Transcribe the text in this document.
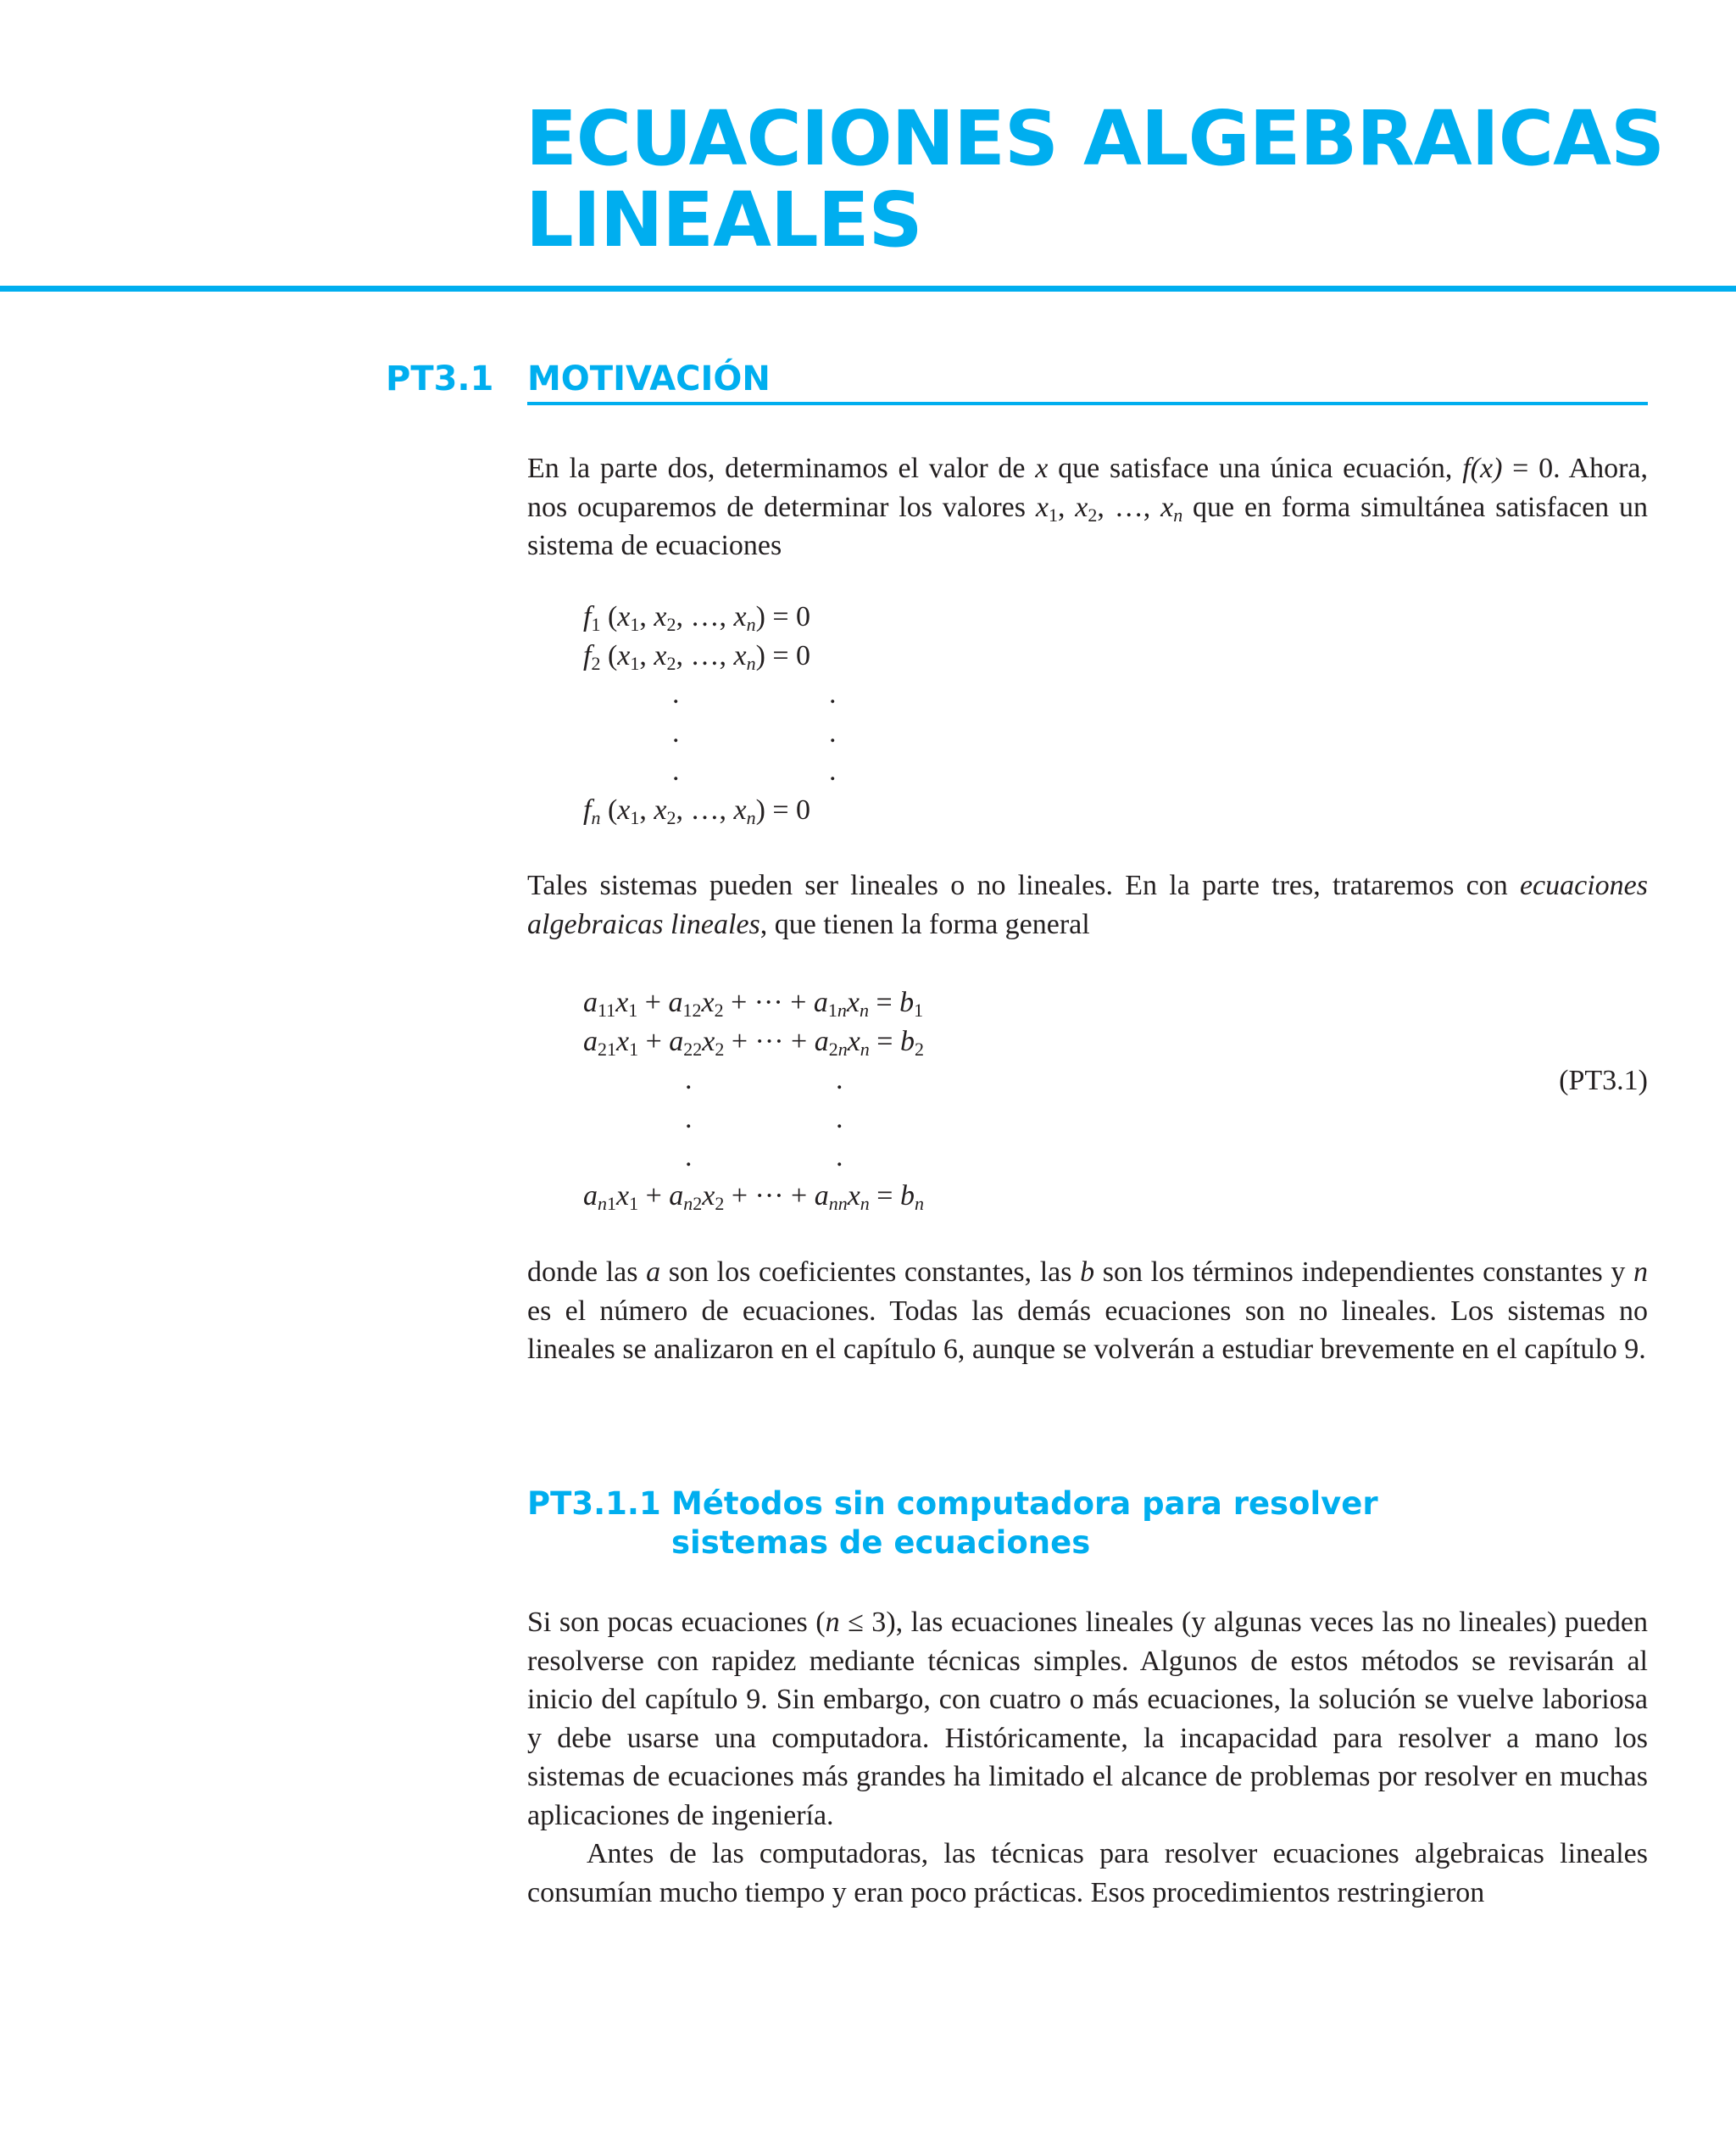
ECUACIONES ALGEBRAICAS
LINEALES
PT3.1 MOTIVACIÓN

En la parte dos, determinamos el valor de x que satisface una única ecuación, f(x) = 0. Ahora, nos ocuparemos de determinar los valores $x_1$, $x_2$, …, $x_n$ que en forma simultánea satisfacen un sistema de ecuaciones

$f_1$ ($x_1$, $x_2$, …, $x_n) = 0$
$f_2$ ($x_1$, $x_2$, …, $x_n) = 0$
.	.
.	.
.	.
$f_n$ ($x_1$, $x_2$, …, $x_n) = 0$

Tales sistemas pueden ser lineales o no lineales. En la parte tres, trataremos con ecuaciones algebraicas lineales, que tienen la forma general

$a_{11}x_1 + a_{12}x_2$ + ··· + $a_{1n}x_n = b_1$
$a_{21}x_1 + a_{22}x_2$ + ··· + $a_{2n}x_n = b_2$
.	.
.	.
.	.
$a_{n1}x_1 + a_{n2}x_2$ + ··· + $a_{nn}x_n = b_n$
(PT3.1)

donde las a son los coeficientes constantes, las b son los términos independientes constantes y n es el número de ecuaciones. Todas las demás ecuaciones son no lineales. Los sistemas no lineales se analizaron en el capítulo 6, aunque se volverán a estudiar brevemente en el capítulo 9.

PT3.1.1 Métodos sin computadora para resolver
sistemas de ecuaciones

Si son pocas ecuaciones (n ≤ 3), las ecuaciones lineales (y algunas veces las no lineales) pueden resolverse con rapidez mediante técnicas simples. Algunos de estos métodos se revisarán al inicio del capítulo 9. Sin embargo, con cuatro o más ecuaciones, la solución se vuelve laboriosa y debe usarse una computadora. Históricamente, la incapacidad para resolver a mano los sistemas de ecuaciones más grandes ha limitado el alcance de problemas por resolver en muchas aplicaciones de ingeniería.

Antes de las computadoras, las técnicas para resolver ecuaciones algebraicas lineales consumían mucho tiempo y eran poco prácticas. Esos procedimientos restringieron
